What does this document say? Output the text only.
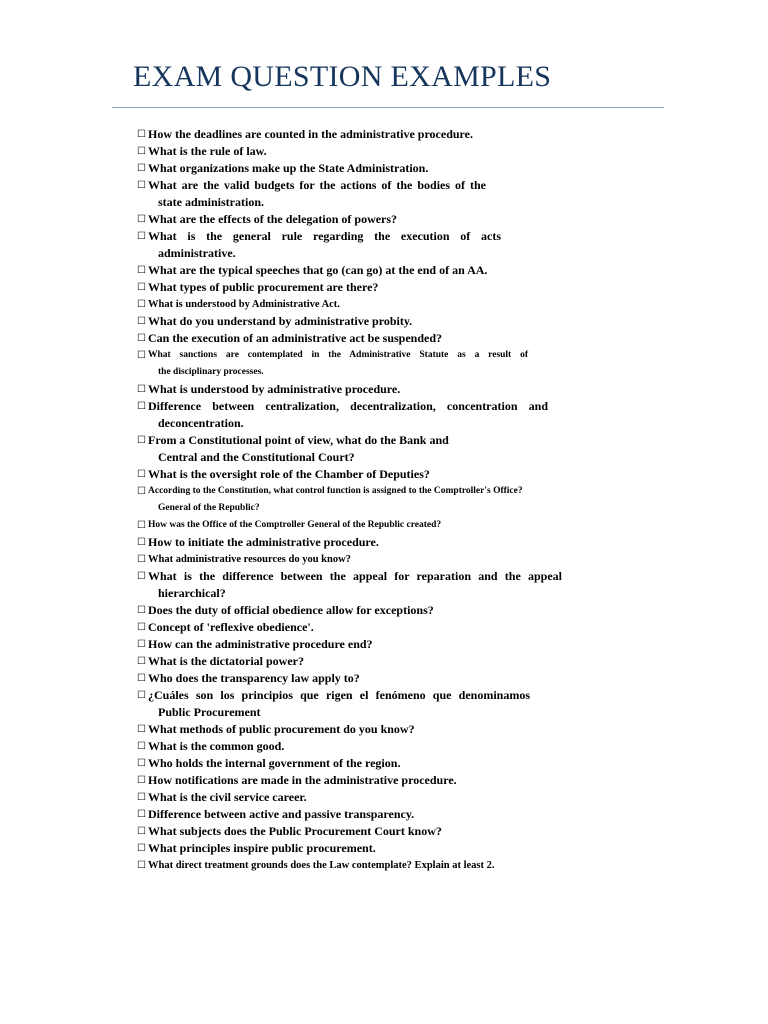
EXAM QUESTION EXAMPLES
☐ How the deadlines are counted in the administrative procedure.
☐ What is the rule of law.
☐ What organizations make up the State Administration.
☐ What are the valid budgets for the actions of the bodies of the
state administration.
☐ What are the effects of the delegation of powers?
☐ What is the general rule regarding the execution of acts
administrative.
☐ What are the typical speeches that go (can go) at the end of an AA.
☐ What types of public procurement are there?
☐ What is understood by Administrative Act.
☐ What do you understand by administrative probity.
☐ Can the execution of an administrative act be suspended?
☐ What sanctions are contemplated in the Administrative Statute as a result of
the disciplinary processes.
☐ What is understood by administrative procedure.
☐ Difference between centralization, decentralization, concentration and
deconcentration.
☐ From a Constitutional point of view, what do the Bank and
Central and the Constitutional Court?
☐ What is the oversight role of the Chamber of Deputies?
☐ According to the Constitution, what control function is assigned to the Comptroller's Office?
General of the Republic?
☐ How was the Office of the Comptroller General of the Republic created?
☐ How to initiate the administrative procedure.
☐ What administrative resources do you know?
☐ What is the difference between the appeal for reparation and the appeal
hierarchical?
☐ Does the duty of official obedience allow for exceptions?
☐ Concept of 'reflexive obedience'.
☐ How can the administrative procedure end?
☐ What is the dictatorial power?
☐ Who does the transparency law apply to?
☐ ¿Cuáles son los principios que rigen el fenómeno que denominamos
Public Procurement
☐ What methods of public procurement do you know?
☐ What is the common good.
☐ Who holds the internal government of the region.
☐ How notifications are made in the administrative procedure.
☐ What is the civil service career.
☐ Difference between active and passive transparency.
☐ What subjects does the Public Procurement Court know?
☐ What principles inspire public procurement.
☐ What direct treatment grounds does the Law contemplate? Explain at least 2.
